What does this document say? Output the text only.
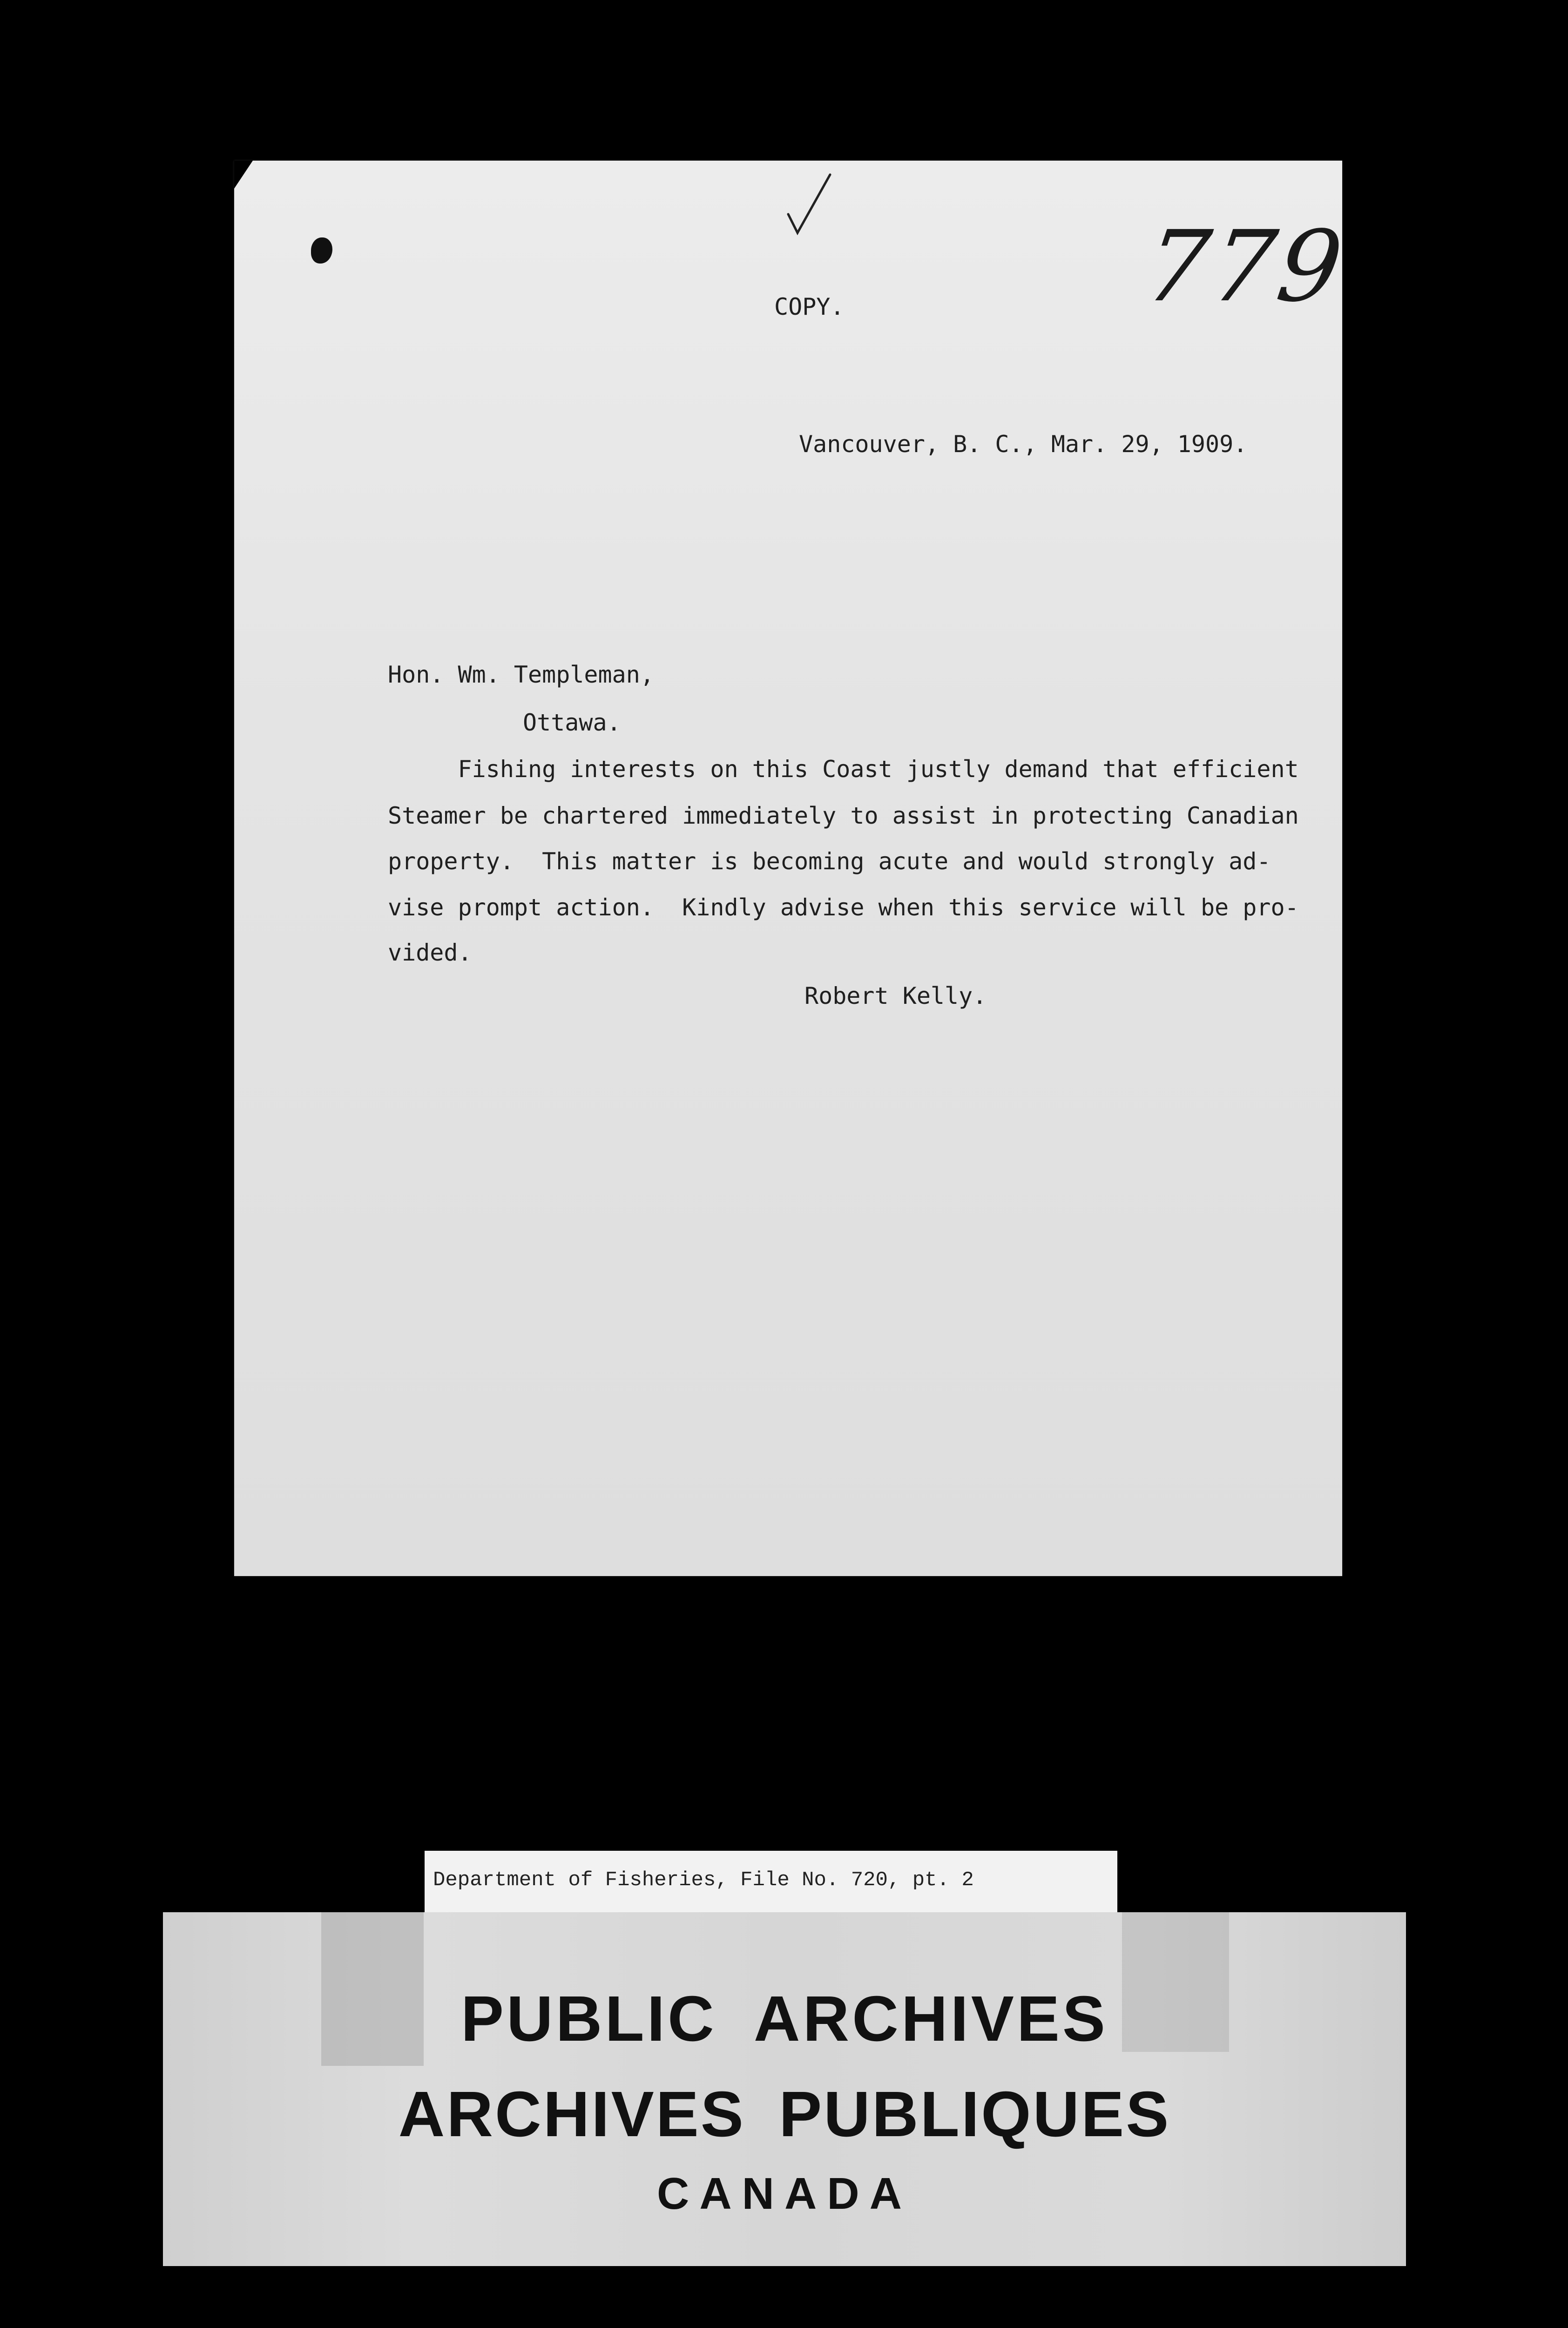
779
COPY.
Vancouver, B. C., Mar. 29, 1909.
Hon. Wm. Templeman,
Ottawa.
Fishing interests on this Coast justly demand that efficient
Steamer be chartered immediately to assist in protecting Canadian
property.  This matter is becoming acute and would strongly ad-
vise prompt action.  Kindly advise when this service will be pro-
vided.
Robert Kelly.
Department of Fisheries, File No. 720, pt. 2
PUBLIC ARCHIVES
ARCHIVES PUBLIQUES
CANADA
